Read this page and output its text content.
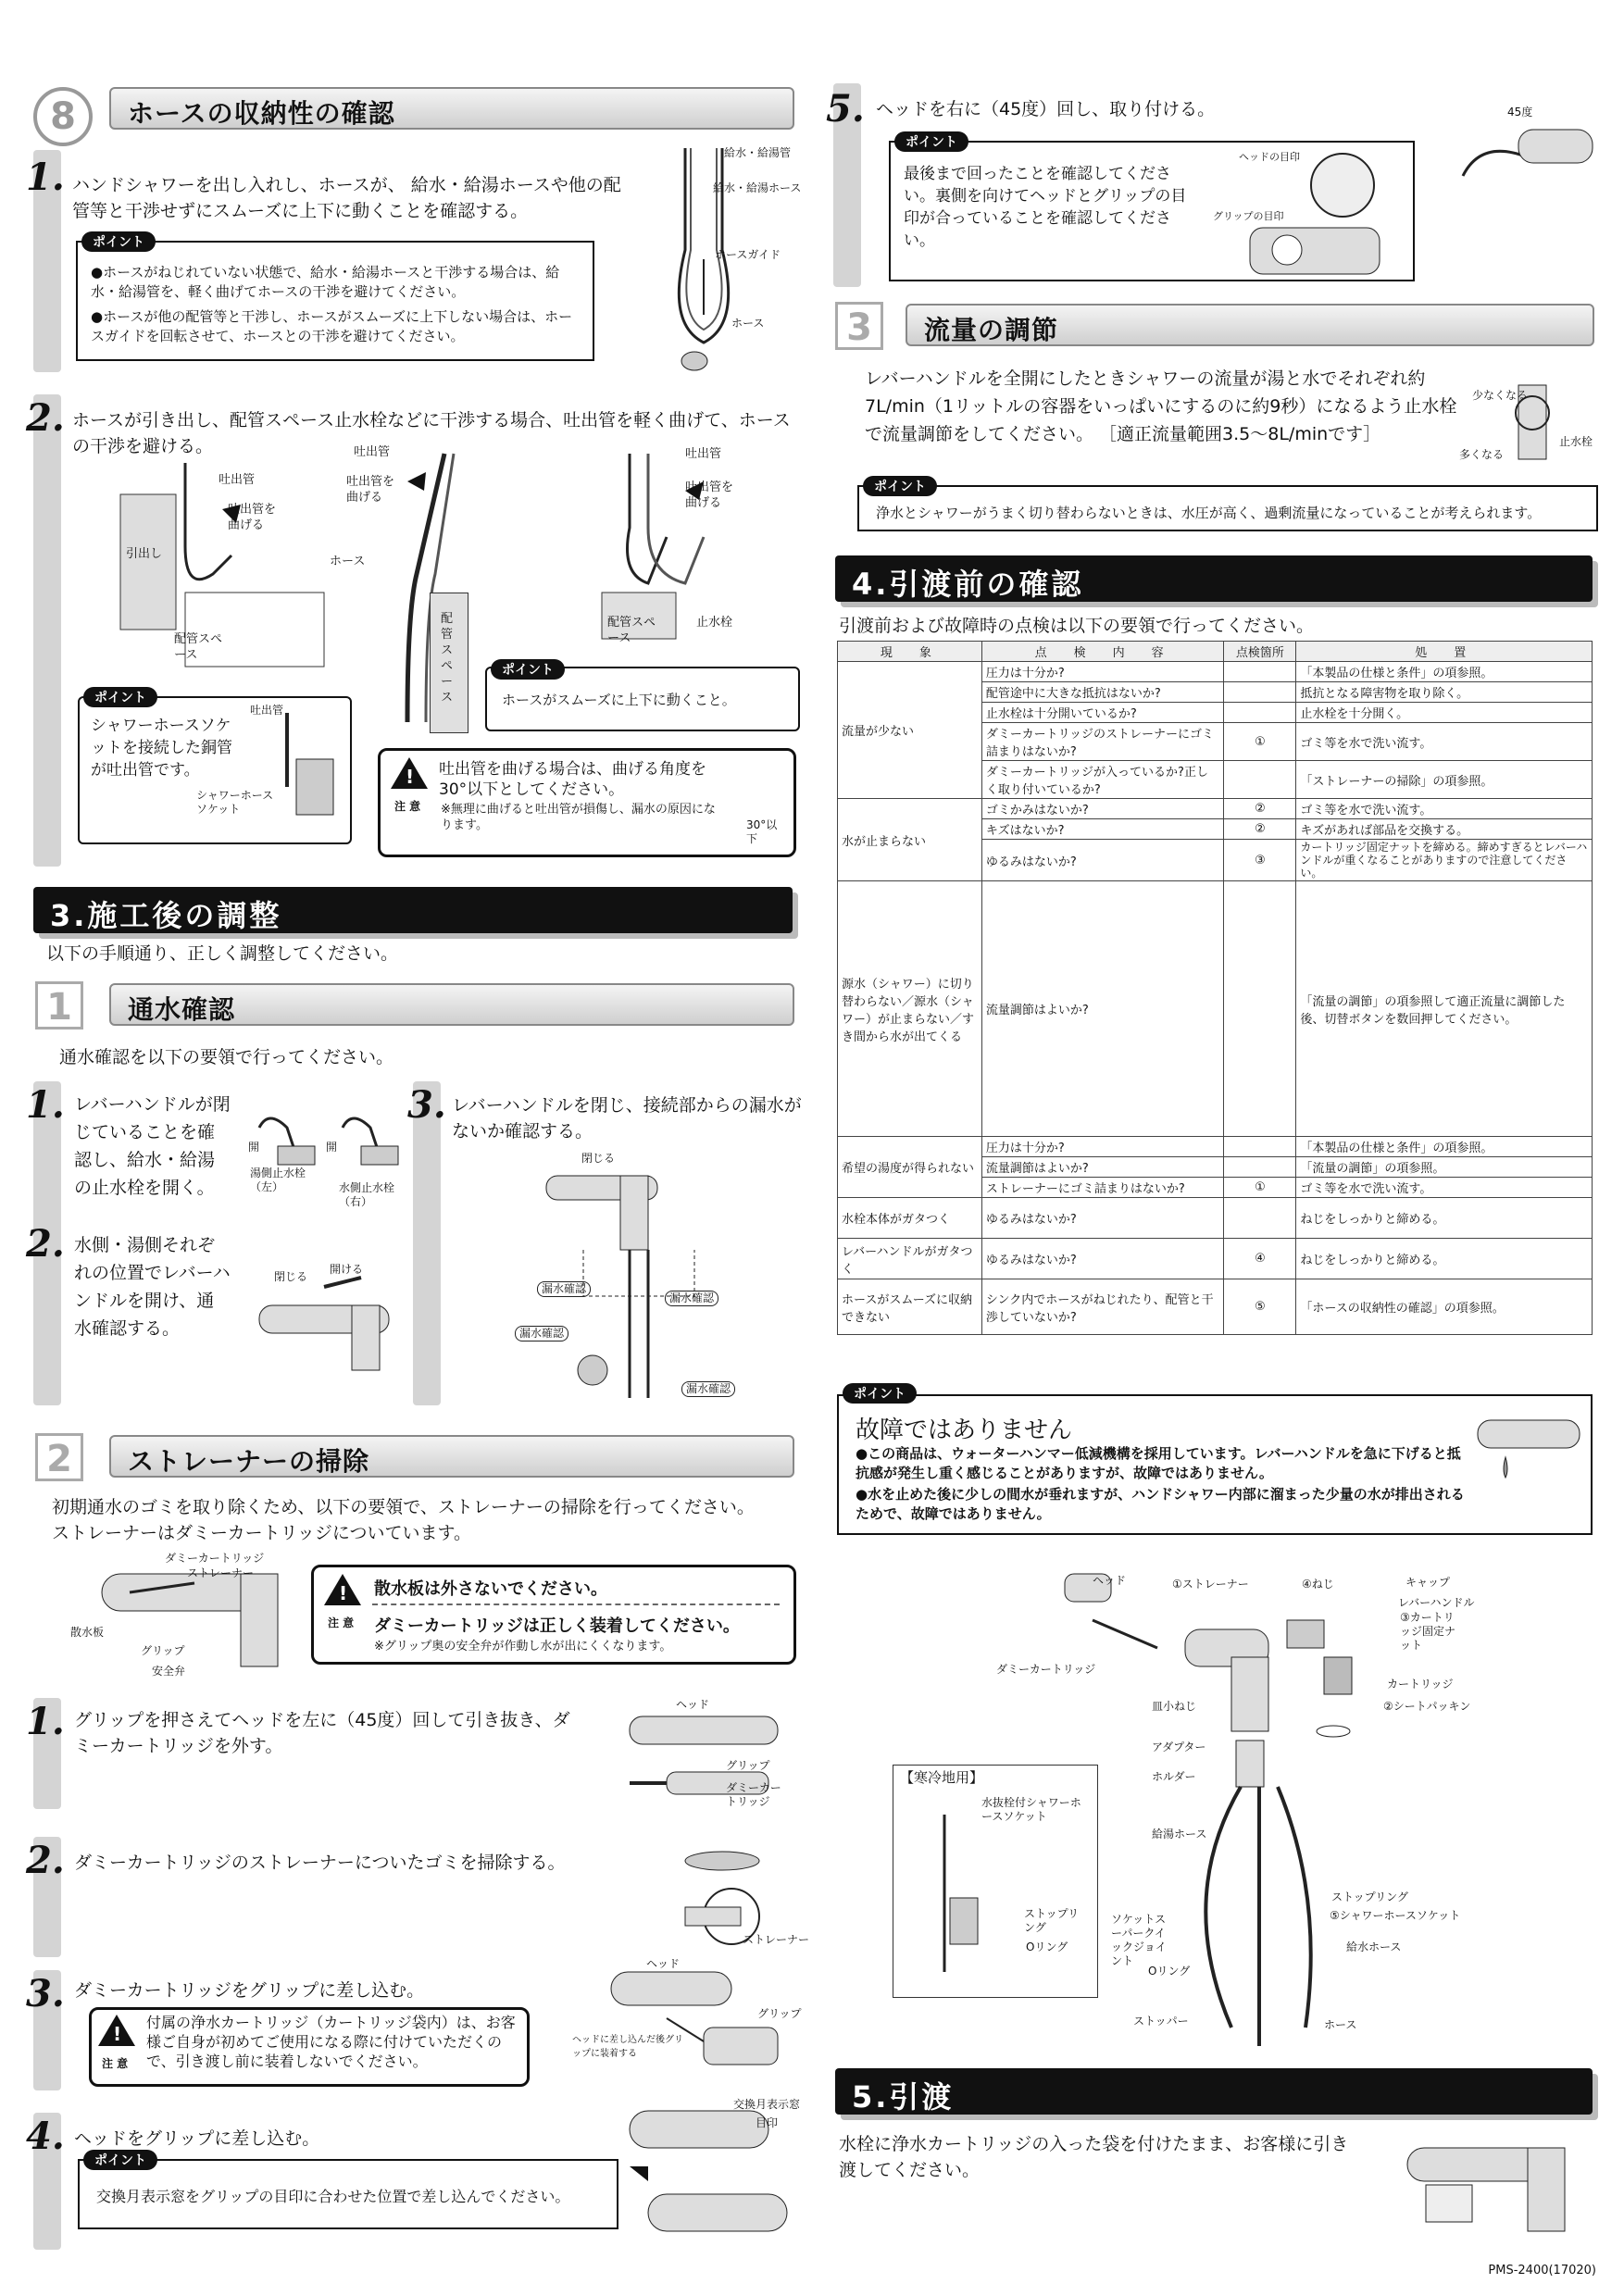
8	ホースの収納性の確認
1. ハンドシャワーを出し入れし、ホースが、 給水・給湯ホースや他の配管等と干渉せずにスムーズに上下に動くことを確認する。
ポイント
●ホースがねじれていない状態で、給水・給湯ホースと干渉する場合は、給水・給湯管を、軽く曲げてホースの干渉を避けてください。
●ホースが他の配管等と干渉し、ホースがスムーズに上下しない場合は、ホースガイドを回転させて、ホースとの干渉を避けてください。
給水・給湯管
給水・給湯ホース
ホースガイド
ホース
2. ホースが引き出し、配管スペース止水栓などに干渉する場合、吐出管を軽く曲げて、ホースの干渉を避ける。
引出し
吐出管
吐出管を曲げる
配管スペース
吐出管
吐出管を曲げる
ホース
配管スペース
吐出管
吐出管を曲げる
配管スペース
止水栓
ポイント
ホースがスムーズに上下に動くこと。
ポイント
シャワーホースソケットを接続した銅管が吐出管です。
吐出管
シャワーホースソケット
!	注 意
吐出管を曲げる場合は、曲げる角度を30°以下としてください。
※無理に曲げると吐出管が損傷し、漏水の原因になります。	30°以下
3.施工後の調整
以下の手順通り、正しく調整してください。
1	通水確認
通水確認を以下の要領で行ってください。
1. レバーハンドルが閉じていることを確認し、給水・給湯の止水栓を開く。
開	開
湯側止水栓（左）	水側止水栓（右）
2. 水側・湯側それぞれの位置でレバーハンドルを開け、通水確認する。
閉じる
開ける
3. レバーハンドルを閉じ、接続部からの漏水がないか確認する。
閉じる
漏水確認
漏水確認
漏水確認
漏水確認
2	ストレーナーの掃除
初期通水のゴミを取り除くため、以下の要領で、ストレーナーの掃除を行ってください。
ストレーナーはダミーカートリッジについています。
ダミーカートリッジ
ストレーナー
散水板
グリップ
安全弁
!
注 意
散水板は外さないでください。
ダミーカートリッジは正しく装着してください。
※グリップ奥の安全弁が作動し水が出にくくなります。
1. グリップを押さえてヘッドを左に（45度）回して引き抜き、ダミーカートリッジを外す。
ヘッド
グリップ
ダミーカートリッジ
2. ダミーカートリッジのストレーナーについたゴミを掃除する。
ストレーナー
3. ダミーカートリッジをグリップに差し込む。
!
注 意
付属の浄水カートリッジ（カートリッジ袋内）は、お客様ご自身が初めてご使用になる際に付けていただくので、引き渡し前に装着しないでください。
ヘッド
グリップ
ヘッドに差し込んだ後グリップに装着する
4. ヘッドをグリップに差し込む。
ポイント
交換月表示窓をグリップの目印に合わせた位置で差し込んでください。
交換月表示窓
目印
5. ヘッドを右に（45度）回し、取り付ける。
ポイント
最後まで回ったことを確認してください。裏側を向けてヘッドとグリップの目印が合っていることを確認してください。
ヘッドの目印
グリップの目印
45度
3	流量の調節
レバーハンドルを全開にしたときシャワーの流量が湯と水でそれぞれ約7L/min（1リットルの容器をいっぱいにするのに約9秒）になるよう止水栓で流量調節をしてください。 ［適正流量範囲3.5～8L/minです］
少なくなる
多くなる
止水栓
ポイント
浄水とシャワーがうまく切り替わらないときは、水圧が高く、過剰流量になっていることが考えられます。
4.引渡前の確認
引渡前および故障時の点検は以下の要領で行ってください。
現　象	点　検　内　容	点検箇所	処　置
流量が少ない	圧力は十分か?		「本製品の仕様と条件」の項参照。
	配管途中に大きな抵抗はないか?		抵抗となる障害物を取り除く。
	止水栓は十分開いているか?		止水栓を十分開く。
	ダミーカートリッジのストレーナーにゴミ詰まりはないか?	①	ゴミ等を水で洗い流す。
	ダミーカートリッジが入っているか?正しく取り付いているか?		「ストレーナーの掃除」の項参照。
水が止まらない	ゴミかみはないか?	②	ゴミ等を水で洗い流す。
	キズはないか?	②	キズがあれば部品を交換する。
	ゆるみはないか?	③	カートリッジ固定ナットを締める。締めすぎるとレバーハンドルが重くなることがありますので注意してください。
源水（シャワー）に切り替わらない／源水（シャワー）が止まらない／すき間から水が出てくる	流量調節はよいか?		「流量の調節」の項参照して適正流量に調節した後、切替ボタンを数回押してください。
希望の湯度が得られない	圧力は十分か?		「本製品の仕様と条件」の項参照。
	流量調節はよいか?		「流量の調節」の項参照。
	ストレーナーにゴミ詰まりはないか?	①	ゴミ等を水で洗い流す。
水栓本体がガタつく	ゆるみはないか?		ねじをしっかりと締める。
レバーハンドルがガタつく	ゆるみはないか?	④	ねじをしっかりと締める。
ホースがスムーズに収納できない	シンク内でホースがねじれたり、配管と干渉していないか?	⑤	「ホースの収納性の確認」の項参照。
ポイント
故障ではありません
●この商品は、ウォーターハンマー低減機構を採用しています。レバーハンドルを急に下げると抵抗感が発生し重く感じることがありますが、故障ではありません。
●水を止めた後に少しの間水が垂れますが、ハンドシャワー内部に溜まった少量の水が排出されるためで、故障ではありません。
ヘッド	①ストレーナー	④ねじ	キャップ
レバーハンドル
③カートリッジ固定ナット
ダミーカートリッジ
皿小ねじ
カートリッジ
②シートパッキン
アダプター
ホルダー
給湯ホース
ストップリング
⑤シャワーホースソケット
給水ホース
ソケットスーパークイックジョイント
Oリング
ストッパー	ホース
【寒冷地用】
水抜栓付シャワーホースソケット
ストップリング
Oリング
5.引渡
水栓に浄水カートリッジの入った袋を付けたまま、お客様に引き渡してください。
PMS-2400(17020)
